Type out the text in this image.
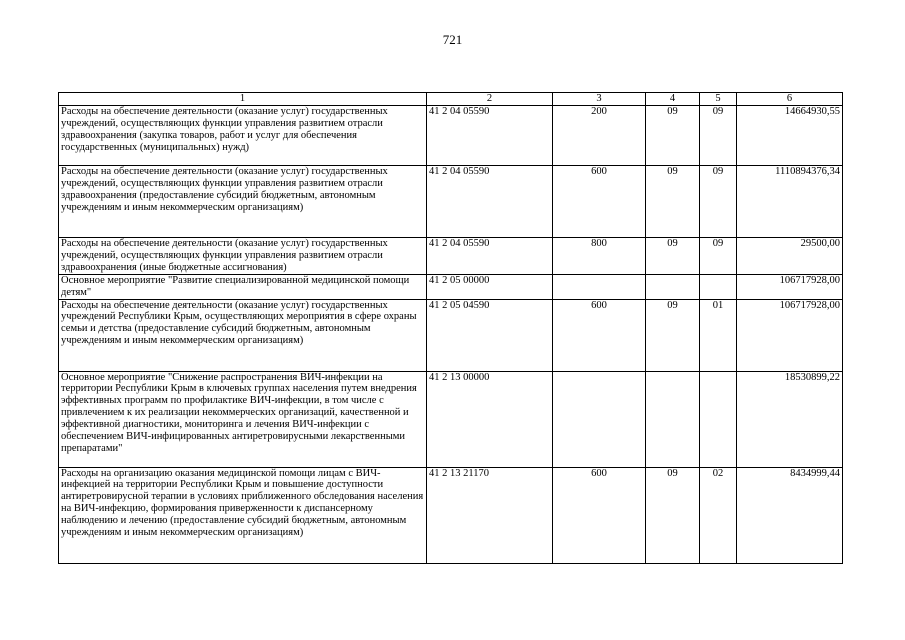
721
1	2	3	4	5	6
Расходы на обеспечение деятельности (оказание услуг) государственных учреждений, осуществляющих функции управления развитием отрасли здравоохранения (закупка товаров, работ и услуг для обеспечения государственных (муниципальных) нужд)	41 2 04 05590	200	09	09	14664930,55
Расходы на обеспечение деятельности (оказание услуг) государственных учреждений, осуществляющих функции управления развитием отрасли здравоохранения (предоставление субсидий бюджетным, автономным учреждениям и иным некоммерческим организациям)	41 2 04 05590	600	09	09	1110894376,34
Расходы на обеспечение деятельности (оказание услуг) государственных учреждений, осуществляющих функции управления развитием отрасли здравоохранения (иные бюджетные ассигнования)	41 2 04 05590	800	09	09	29500,00
Основное мероприятие "Развитие специализированной медицинской помощи детям"	41 2 05 00000				106717928,00
Расходы на обеспечение деятельности (оказание услуг) государственных учреждений Республики Крым, осуществляющих мероприятия в сфере охраны семьи и детства (предоставление субсидий бюджетным, автономным учреждениям и иным некоммерческим организациям)	41 2 05 04590	600	09	01	106717928,00
Основное мероприятие "Снижение распространения ВИЧ-инфекции на территории Республики Крым в ключевых группах населения путем внедрения эффективных программ по профилактике ВИЧ-инфекции, в том числе с привлечением к их реализации некоммерческих организаций, качественной и эффективной диагностики, мониторинга и лечения ВИЧ-инфекции с обеспечением ВИЧ-инфицированных антиретровирусными лекарственными препаратами"	41 2 13 00000				18530899,22
Расходы на организацию оказания медицинской помощи лицам с ВИЧ-инфекцией на территории Республики Крым и повышение доступности антиретровирусной терапии в условиях приближенного обследования населения на ВИЧ-инфекцию, формирования приверженности к диспансерному наблюдению и лечению (предоставление субсидий бюджетным, автономным учреждениям и иным некоммерческим организациям)	41 2 13 21170	600	09	02	8434999,44
